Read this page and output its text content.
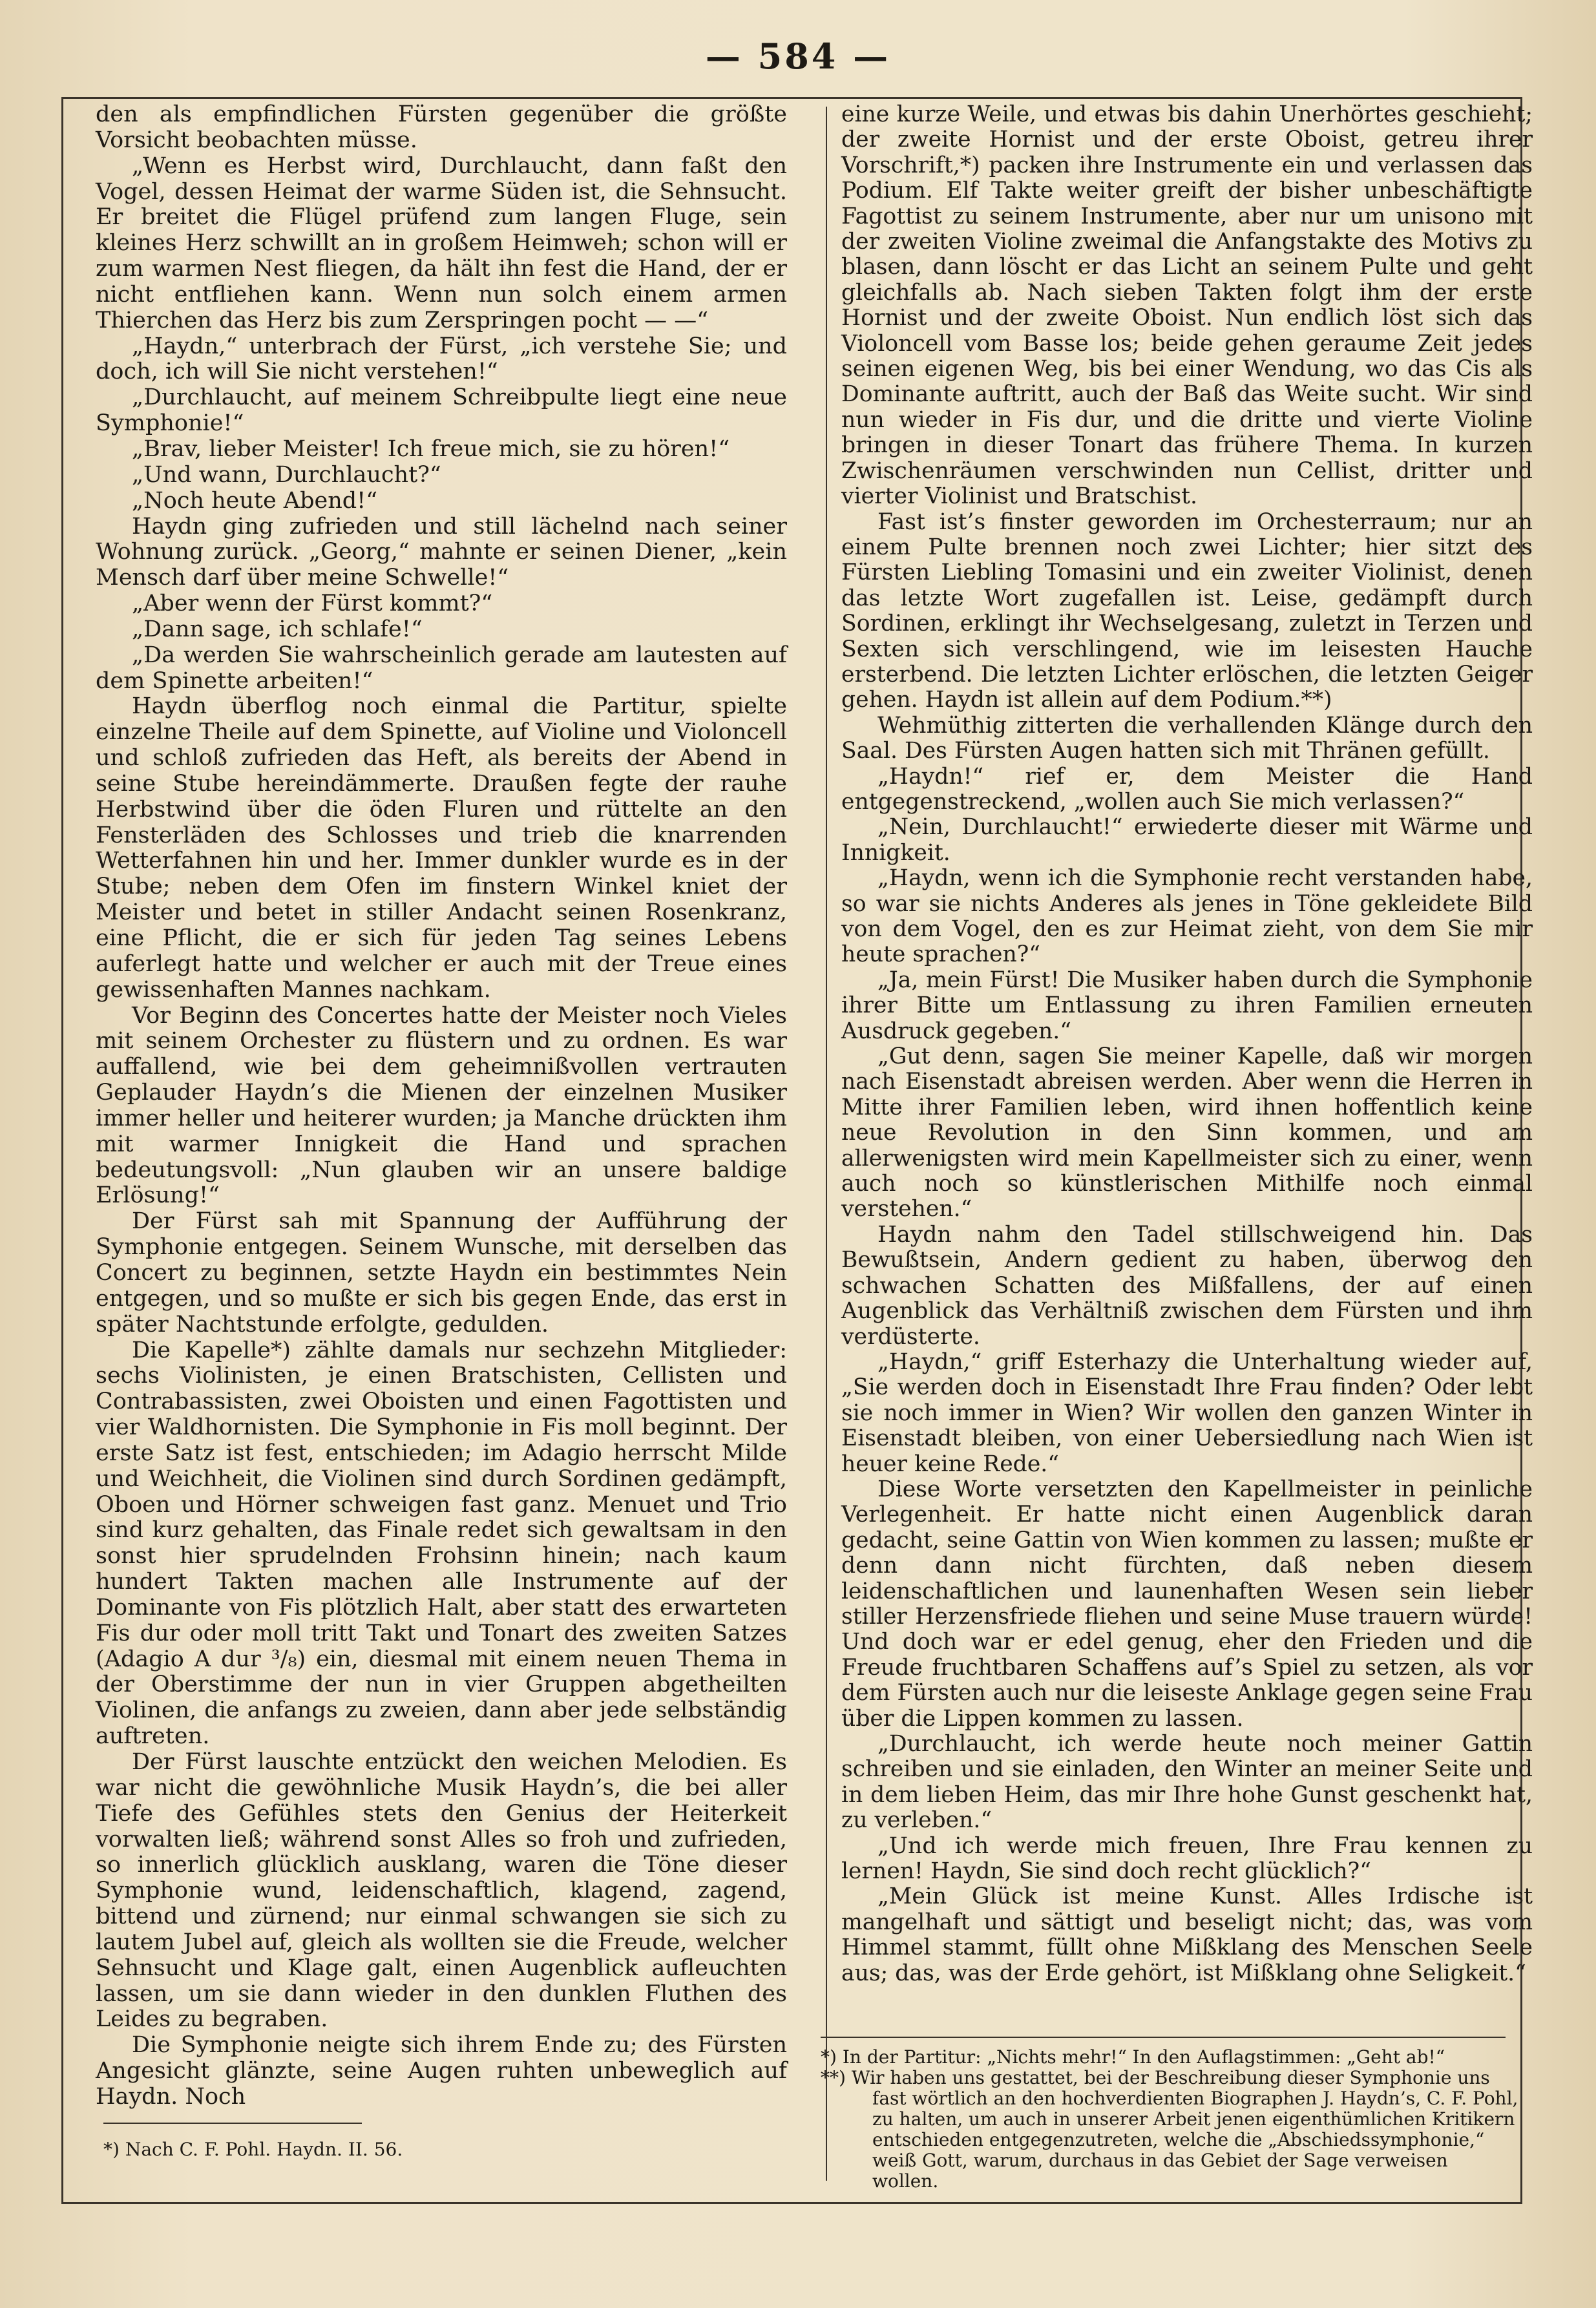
— 584 —

den als empfindlichen Fürsten gegenüber die größte Vorsicht beobachten müsse.

„Wenn es Herbst wird, Durchlaucht, dann faßt den Vogel, dessen Heimat der warme Süden ist, die Sehnsucht. Er breitet die Flügel prüfend zum langen Fluge, sein kleines Herz schwillt an in großem Heimweh; schon will er zum warmen Nest fliegen, da hält ihn fest die Hand, der er nicht entfliehen kann. Wenn nun solch einem armen Thierchen das Herz bis zum Zerspringen pocht — —“

„Haydn,“ unterbrach der Fürst, „ich verstehe Sie; und doch, ich will Sie nicht verstehen!“

„Durchlaucht, auf meinem Schreibpulte liegt eine neue Symphonie!“

„Brav, lieber Meister! Ich freue mich, sie zu hören!“

„Und wann, Durchlaucht?“

„Noch heute Abend!“

Haydn ging zufrieden und still lächelnd nach seiner Wohnung zurück. „Georg,“ mahnte er seinen Diener, „kein Mensch darf über meine Schwelle!“

„Aber wenn der Fürst kommt?“

„Dann sage, ich schlafe!“

„Da werden Sie wahrscheinlich gerade am lautesten auf dem Spinette arbeiten!“

Haydn überflog noch einmal die Partitur, spielte einzelne Theile auf dem Spinette, auf Violine und Violoncell und schloß zufrieden das Heft, als bereits der Abend in seine Stube hereindämmerte. Draußen fegte der rauhe Herbstwind über die öden Fluren und rüttelte an den Fensterläden des Schlosses und trieb die knarrenden Wetterfahnen hin und her. Immer dunkler wurde es in der Stube; neben dem Ofen im finstern Winkel kniet der Meister und betet in stiller Andacht seinen Rosenkranz, eine Pflicht, die er sich für jeden Tag seines Lebens auferlegt hatte und welcher er auch mit der Treue eines gewissenhaften Mannes nachkam.

Vor Beginn des Concertes hatte der Meister noch Vieles mit seinem Orchester zu flüstern und zu ordnen. Es war auffallend, wie bei dem geheimnißvollen vertrauten Geplauder Haydn’s die Mienen der einzelnen Musiker immer heller und heiterer wurden; ja Manche drückten ihm mit warmer Innigkeit die Hand und sprachen bedeutungsvoll: „Nun glauben wir an unsere baldige Erlösung!“

Der Fürst sah mit Spannung der Aufführung der Symphonie entgegen. Seinem Wunsche, mit derselben das Concert zu beginnen, setzte Haydn ein bestimmtes Nein entgegen, und so mußte er sich bis gegen Ende, das erst in später Nachtstunde erfolgte, gedulden.

Die Kapelle*) zählte damals nur sechzehn Mitglieder: sechs Violinisten, je einen Bratschisten, Cellisten und Contrabassisten, zwei Oboisten und einen Fagottisten und vier Waldhornisten. Die Symphonie in Fis moll beginnt. Der erste Satz ist fest, entschieden; im Adagio herrscht Milde und Weichheit, die Violinen sind durch Sordinen gedämpft, Oboen und Hörner schweigen fast ganz. Menuet und Trio sind kurz gehalten, das Finale redet sich gewaltsam in den sonst hier sprudelnden Frohsinn hinein; nach kaum hundert Takten machen alle Instrumente auf der Dominante von Fis plötzlich Halt, aber statt des erwarteten Fis dur oder moll tritt Takt und Tonart des zweiten Satzes (Adagio A dur ³/₈) ein, diesmal mit einem neuen Thema in der Oberstimme der nun in vier Gruppen abgetheilten Violinen, die anfangs zu zweien, dann aber jede selbständig auftreten.

Der Fürst lauschte entzückt den weichen Melodien. Es war nicht die gewöhnliche Musik Haydn’s, die bei aller Tiefe des Gefühles stets den Genius der Heiterkeit vorwalten ließ; während sonst Alles so froh und zufrieden, so innerlich glücklich ausklang, waren die Töne dieser Symphonie wund, leidenschaftlich, klagend, zagend, bittend und zürnend; nur einmal schwangen sie sich zu lautem Jubel auf, gleich als wollten sie die Freude, welcher Sehnsucht und Klage galt, einen Augenblick aufleuchten lassen, um sie dann wieder in den dunklen Fluthen des Leides zu begraben.

Die Symphonie neigte sich ihrem Ende zu; des Fürsten Angesicht glänzte, seine Augen ruhten unbeweglich auf Haydn. Noch

eine kurze Weile, und etwas bis dahin Unerhörtes geschieht; der zweite Hornist und der erste Oboist, getreu ihrer Vorschrift,*) packen ihre Instrumente ein und verlassen das Podium. Elf Takte weiter greift der bisher unbeschäftigte Fagottist zu seinem Instrumente, aber nur um unisono mit der zweiten Violine zweimal die Anfangstakte des Motivs zu blasen, dann löscht er das Licht an seinem Pulte und geht gleichfalls ab. Nach sieben Takten folgt ihm der erste Hornist und der zweite Oboist. Nun endlich löst sich das Violoncell vom Basse los; beide gehen geraume Zeit jedes seinen eigenen Weg, bis bei einer Wendung, wo das Cis als Dominante auftritt, auch der Baß das Weite sucht. Wir sind nun wieder in Fis dur, und die dritte und vierte Violine bringen in dieser Tonart das frühere Thema. In kurzen Zwischenräumen verschwinden nun Cellist, dritter und vierter Violinist und Bratschist.

Fast ist’s finster geworden im Orchesterraum; nur an einem Pulte brennen noch zwei Lichter; hier sitzt des Fürsten Liebling Tomasini und ein zweiter Violinist, denen das letzte Wort zugefallen ist. Leise, gedämpft durch Sordinen, erklingt ihr Wechselgesang, zuletzt in Terzen und Sexten sich verschlingend, wie im leisesten Hauche ersterbend. Die letzten Lichter erlöschen, die letzten Geiger gehen. Haydn ist allein auf dem Podium.**)

Wehmüthig zitterten die verhallenden Klänge durch den Saal. Des Fürsten Augen hatten sich mit Thränen gefüllt.

„Haydn!“ rief er, dem Meister die Hand entgegenstreckend, „wollen auch Sie mich verlassen?“

„Nein, Durchlaucht!“ erwiederte dieser mit Wärme und Innigkeit.

„Haydn, wenn ich die Symphonie recht verstanden habe, so war sie nichts Anderes als jenes in Töne gekleidete Bild von dem Vogel, den es zur Heimat zieht, von dem Sie mir heute sprachen?“

„Ja, mein Fürst! Die Musiker haben durch die Symphonie ihrer Bitte um Entlassung zu ihren Familien erneuten Ausdruck gegeben.“

„Gut denn, sagen Sie meiner Kapelle, daß wir morgen nach Eisenstadt abreisen werden. Aber wenn die Herren in Mitte ihrer Familien leben, wird ihnen hoffentlich keine neue Revolution in den Sinn kommen, und am allerwenigsten wird mein Kapellmeister sich zu einer, wenn auch noch so künstlerischen Mithilfe noch einmal verstehen.“

Haydn nahm den Tadel stillschweigend hin. Das Bewußtsein, Andern gedient zu haben, überwog den schwachen Schatten des Mißfallens, der auf einen Augenblick das Verhältniß zwischen dem Fürsten und ihm verdüsterte.

„Haydn,“ griff Esterhazy die Unterhaltung wieder auf, „Sie werden doch in Eisenstadt Ihre Frau finden? Oder lebt sie noch immer in Wien? Wir wollen den ganzen Winter in Eisenstadt bleiben, von einer Uebersiedlung nach Wien ist heuer keine Rede.“

Diese Worte versetzten den Kapellmeister in peinliche Verlegenheit. Er hatte nicht einen Augenblick daran gedacht, seine Gattin von Wien kommen zu lassen; mußte er denn dann nicht fürchten, daß neben diesem leidenschaftlichen und launenhaften Wesen sein lieber stiller Herzensfriede fliehen und seine Muse trauern würde! Und doch war er edel genug, eher den Frieden und die Freude fruchtbaren Schaffens auf’s Spiel zu setzen, als vor dem Fürsten auch nur die leiseste Anklage gegen seine Frau über die Lippen kommen zu lassen.

„Durchlaucht, ich werde heute noch meiner Gattin schreiben und sie einladen, den Winter an meiner Seite und in dem lieben Heim, das mir Ihre hohe Gunst geschenkt hat, zu verleben.“

„Und ich werde mich freuen, Ihre Frau kennen zu lernen! Haydn, Sie sind doch recht glücklich?“

„Mein Glück ist meine Kunst. Alles Irdische ist mangelhaft und sättigt und beseligt nicht; das, was vom Himmel stammt, füllt ohne Mißklang des Menschen Seele aus; das, was der Erde gehört, ist Mißklang ohne Seligkeit.“

*) Nach C. F. Pohl. Haydn. II. 56.

*) In der Partitur: „Nichts mehr!“ In den Auflagstimmen: „Geht ab!“

**) Wir haben uns gestattet, bei der Beschreibung dieser Symphonie uns fast wörtlich an den hochverdienten Biographen J. Haydn’s, C. F. Pohl, zu halten, um auch in unserer Arbeit jenen eigenthümlichen Kritikern entschieden entgegenzutreten, welche die „Abschiedssymphonie,“ weiß Gott, warum, durchaus in das Gebiet der Sage verweisen wollen.
